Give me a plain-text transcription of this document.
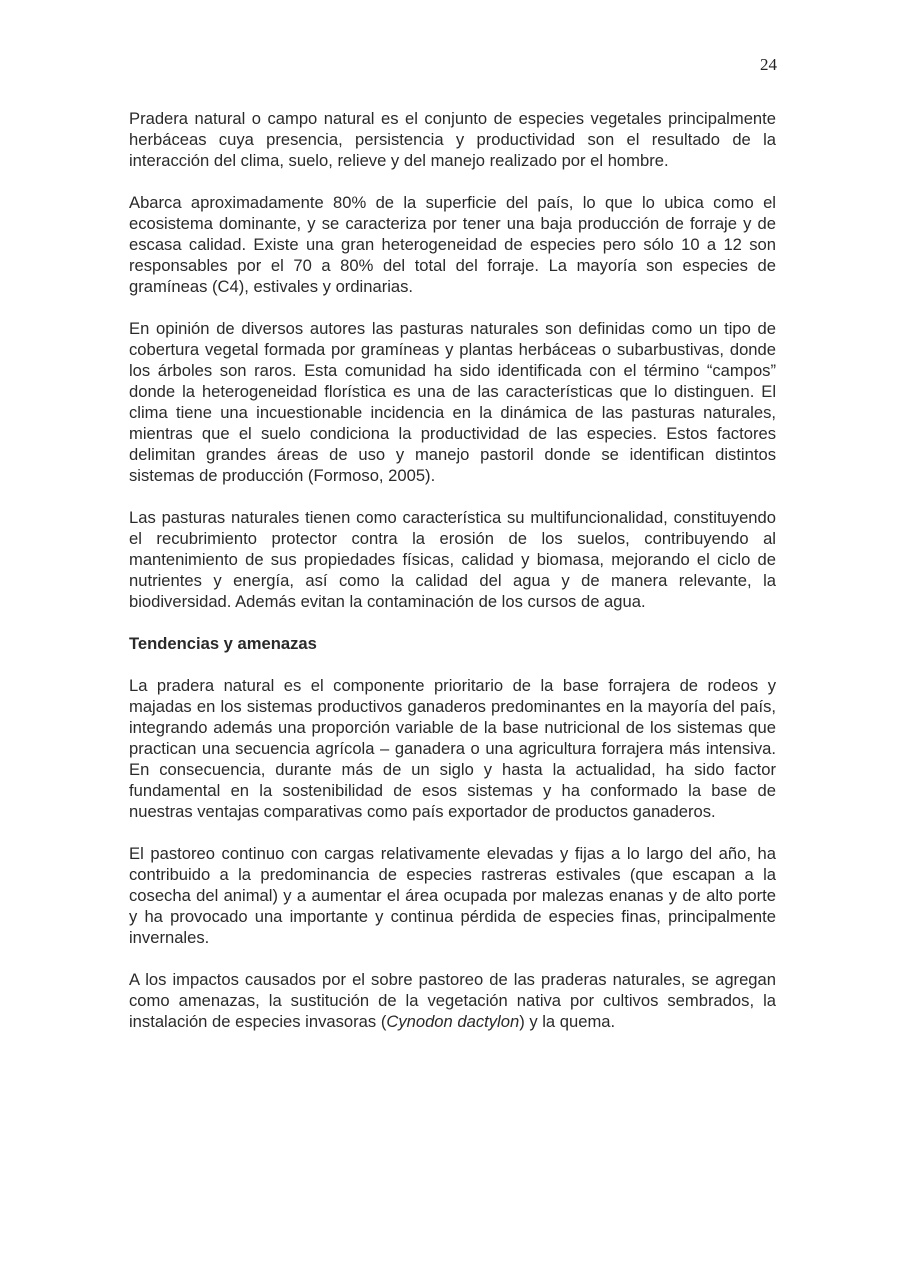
24

Pradera natural o campo natural es el conjunto de especies vegetales principalmente herbáceas cuya presencia, persistencia y productividad son el resultado de la interacción del clima, suelo, relieve y del manejo realizado por el hombre.

Abarca aproximadamente 80% de la superficie del país, lo que lo ubica como el ecosistema dominante, y se caracteriza por tener una baja producción de forraje y de escasa calidad. Existe una gran heterogeneidad de especies pero sólo 10 a 12 son responsables por el 70 a 80% del total del forraje. La mayoría son especies de gramíneas (C4), estivales y ordinarias.

En opinión de diversos autores las pasturas naturales son definidas como un tipo de cobertura vegetal formada por gramíneas y plantas herbáceas o subarbustivas, donde los árboles son raros. Esta comunidad ha sido identificada con el término “campos” donde la heterogeneidad florística es una de las características que lo distinguen. El clima tiene una incuestionable incidencia en la dinámica de las pasturas naturales, mientras que el suelo condiciona la productividad de las especies. Estos factores delimitan grandes áreas de uso y manejo pastoril donde se identifican distintos sistemas de producción (Formoso, 2005).

Las pasturas naturales tienen como característica su multifuncionalidad, constituyendo el recubrimiento protector contra la erosión de los suelos, contribuyendo al mantenimiento de sus propiedades físicas, calidad y biomasa, mejorando el ciclo de nutrientes y energía, así como la calidad del agua y de manera relevante, la biodiversidad. Además evitan la contaminación de los cursos de agua.

Tendencias y amenazas

La pradera natural es el componente prioritario de la base forrajera de rodeos y majadas en los sistemas productivos ganaderos predominantes en la mayoría del país, integrando además una proporción variable de la base nutricional de los sistemas que practican una secuencia agrícola – ganadera o una agricultura forrajera más intensiva. En consecuencia, durante más de un siglo y hasta la actualidad, ha sido factor fundamental en la sostenibilidad de esos sistemas y ha conformado la base de nuestras ventajas comparativas como país exportador de productos ganaderos.

El pastoreo continuo con cargas relativamente elevadas y fijas a lo largo del año, ha contribuido a la predominancia de especies rastreras estivales (que escapan a la cosecha del animal) y a aumentar el área ocupada por malezas enanas y de alto porte y ha provocado una importante y continua pérdida de especies finas, principalmente invernales.

A los impactos causados por el sobre pastoreo de las praderas naturales, se agregan como amenazas, la sustitución de la vegetación nativa por cultivos sembrados, la instalación de especies invasoras (Cynodon dactylon) y la quema.
